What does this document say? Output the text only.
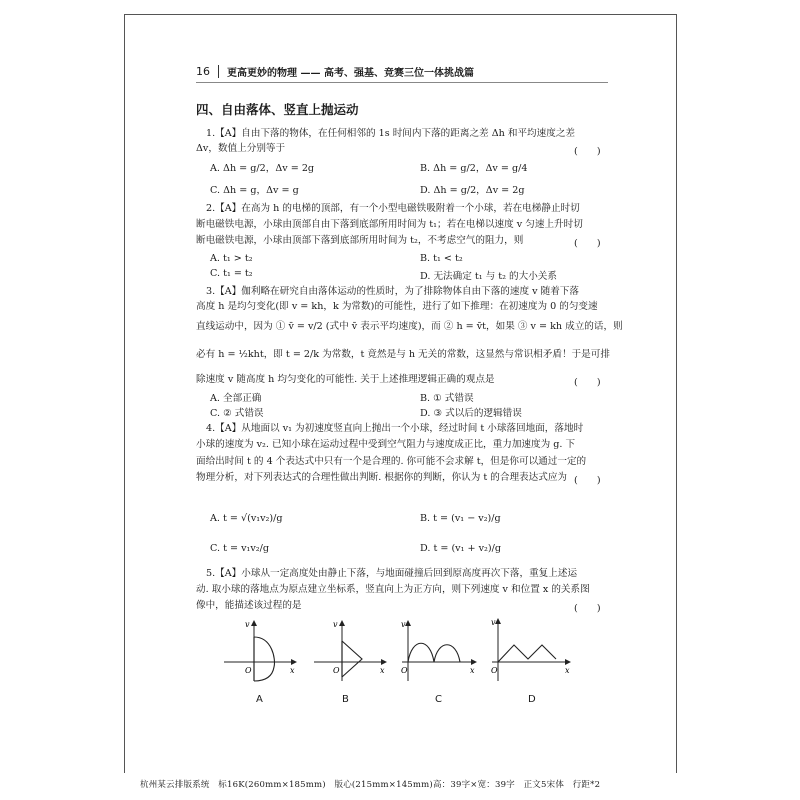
16 更高更妙的物理 —— 高考、强基、竞赛三位一体挑战篇
四、自由落体、竖直上抛运动
1.【A】自由下落的物体，在任何相邻的 1s 时间内下落的距离之差 Δh 和平均速度之差
Δv，数值上分别等于	(　　)
A. Δh = g/2，Δv = 2g	B. Δh = g/2，Δv = g/4
C. Δh = g，Δv = g	D. Δh = g/2，Δv = 2g
2.【A】在高为 h 的电梯的顶部，有一个小型电磁铁吸附着一个小球，若在电梯静止时切
断电磁铁电源，小球由顶部自由下落到底部所用时间为 t₁；若在电梯以速度 v 匀速上升时切
断电磁铁电源，小球由顶部下落到底部所用时间为 t₂，不考虑空气的阻力，则	(　　)
A. t₁ > t₂	B. t₁ < t₂
C. t₁ = t₂	D. 无法确定 t₁ 与 t₂ 的大小关系
3.【A】伽利略在研究自由落体运动的性质时，为了排除物体自由下落的速度 v 随着下落
高度 h 是均匀变化(即 v = kh，k 为常数)的可能性，进行了如下推理：在初速度为 0 的匀变速
直线运动中，因为 ① v̄ = v/2 (式中 v̄ 表示平均速度)，而 ② h = v̄t，如果 ③ v = kh 成立的话，则
必有 h = ½kht，即 t = 2/k 为常数，t 竟然是与 h 无关的常数，这显然与常识相矛盾！于是可排
除速度 v 随高度 h 均匀变化的可能性. 关于上述推理逻辑正确的观点是	(　　)
A. 全部正确	B. ① 式错误
C. ② 式错误	D. ③ 式以后的逻辑错误
4.【A】从地面以 v₁ 为初速度竖直向上抛出一个小球，经过时间 t 小球落回地面，落地时
小球的速度为 v₂. 已知小球在运动过程中受到空气阻力与速度成正比，重力加速度为 g. 下
面给出时间 t 的 4 个表达式中只有一个是合理的. 你可能不会求解 t，但是你可以通过一定的
物理分析，对下列表达式的合理性做出判断. 根据你的判断，你认为 t 的合理表达式应为 (　　)
A. t = √(v₁v₂)/g	B. t = (v₁ − v₂)/g
C. t = v₁v₂/g	D. t = (v₁ + v₂)/g
5.【A】小球从一定高度处由静止下落，与地面碰撞后回到原高度再次下落，重复上述运
动. 取小球的落地点为原点建立坐标系，竖直向上为正方向，则下列速度 v 和位置 x 的关系图
像中，能描述该过程的是	(　　)
v
x
O
A
v
x
O
B
v
x
O
C
v
x
O
D
杭州某云排版系统　标16K(260mm×185mm)　版心(215mm×145mm)高：39字×宽：39字　正文5宋体　行距*2
